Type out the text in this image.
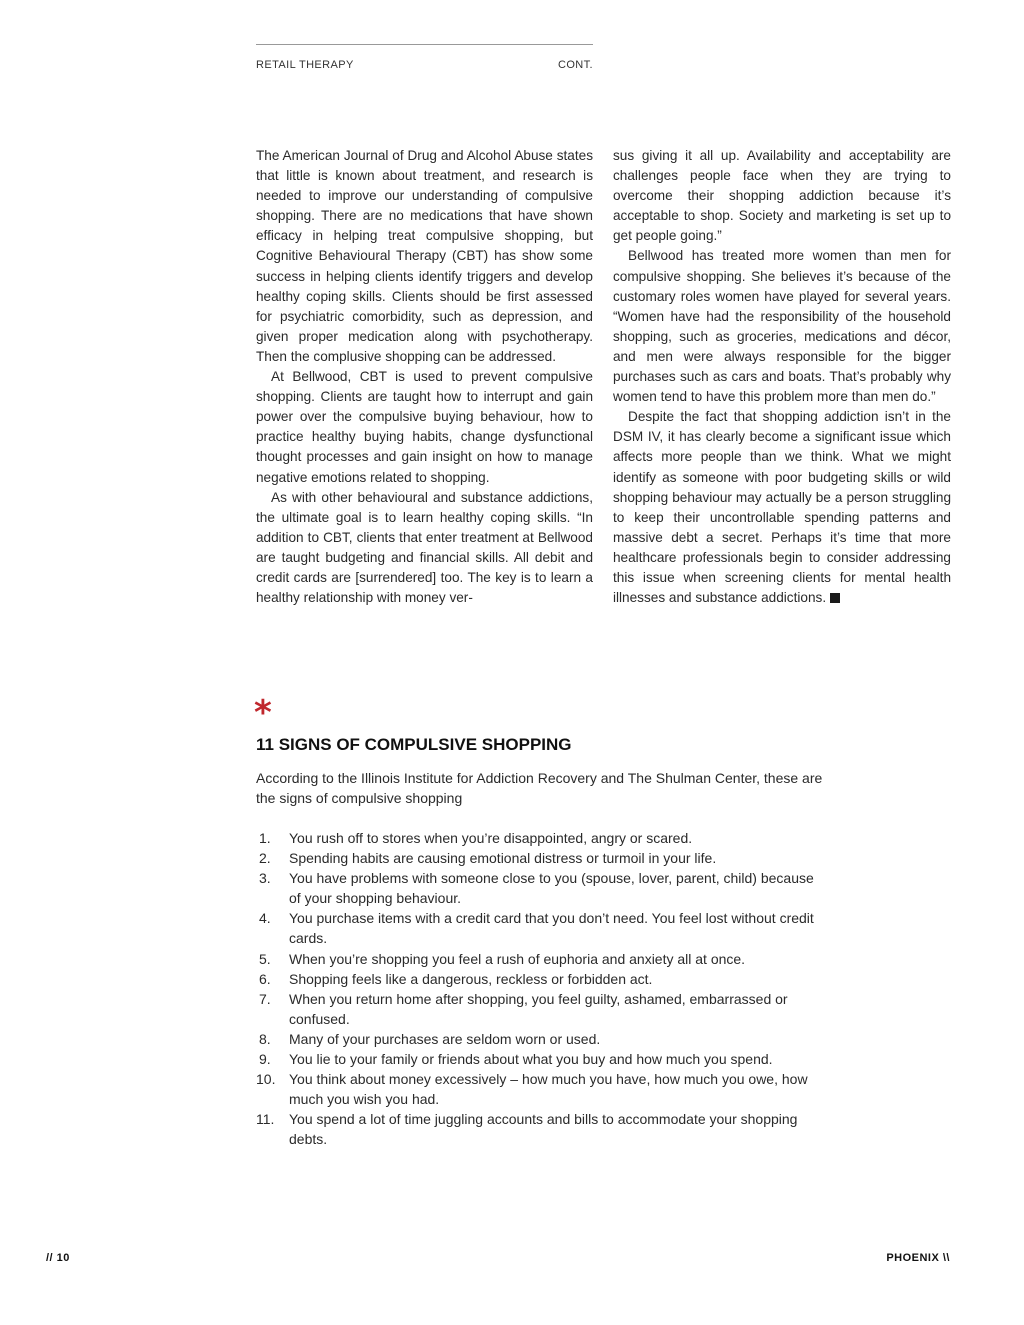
RETAIL THERAPY	CONT.

The American Journal of Drug and Alcohol Abuse states that little is known about treatment, and research is needed to improve our understanding of compulsive shopping. There are no medications that have shown efficacy in helping treat compulsive shopping, but Cognitive Behavioural Therapy (CBT) has show some success in helping clients identify triggers and develop healthy coping skills. Clients should be first assessed for psychiatric comorbidity, such as depression, and given proper medication along with psychotherapy. Then the complusive shopping can be addressed.

At Bellwood, CBT is used to prevent compulsive shopping. Clients are taught how to interrupt and gain power over the compulsive buying behaviour, how to practice healthy buying habits, change dysfunctional thought processes and gain insight on how to manage negative emotions related to shopping.

As with other behavioural and substance addictions, the ultimate goal is to learn healthy coping skills. “In addition to CBT, clients that enter treatment at Bellwood are taught budgeting and financial skills. All debit and credit cards are [surrendered] too. The key is to learn a healthy relationship with money ver-

sus giving it all up. Availability and acceptability are challenges people face when they are trying to overcome their shopping addiction because it’s acceptable to shop. Society and marketing is set up to get people going.”

Bellwood has treated more women than men for compulsive shopping. She believes it’s because of the customary roles women have played for several years. “Women have had the responsibility of the household shopping, such as groceries, medications and décor, and men were always responsible for the bigger purchases such as cars and boats. That’s probably why women tend to have this problem more than men do.”

Despite the fact that shopping addiction isn’t in the DSM IV, it has clearly become a significant issue which affects more people than we think. What we might identify as someone with poor budgeting skills or wild shopping behaviour may actually be a person struggling to keep their uncontrollable spending patterns and massive debt a secret. Perhaps it’s time that more healthcare professionals begin to consider addressing this issue when screening clients for mental health illnesses and substance addictions. P

*
11 SIGNS OF COMPULSIVE SHOPPING

According to the Illinois Institute for Addiction Recovery and The Shulman Center, these are the signs of compulsive shopping

1.	You rush off to stores when you’re disappointed, angry or scared.
2.	Spending habits are causing emotional distress or turmoil in your life.
3.	You have problems with someone close to you (spouse, lover, parent, child) because of your shopping behaviour.
4.	You purchase items with a credit card that you don’t need. You feel lost without credit cards.
5.	When you’re shopping you feel a rush of euphoria and anxiety all at once.
6.	Shopping feels like a dangerous, reckless or forbidden act.
7.	When you return home after shopping, you feel guilty, ashamed, embarrassed or confused.
8.	Many of your purchases are seldom worn or used.
9.	You lie to your family or friends about what you buy and how much you spend.
10. You think about money excessively – how much you have, how much you owe, how much you wish you had.
11.	You spend a lot of time juggling accounts and bills to accommodate your shopping debts.
// 10	PHOENIX \\
